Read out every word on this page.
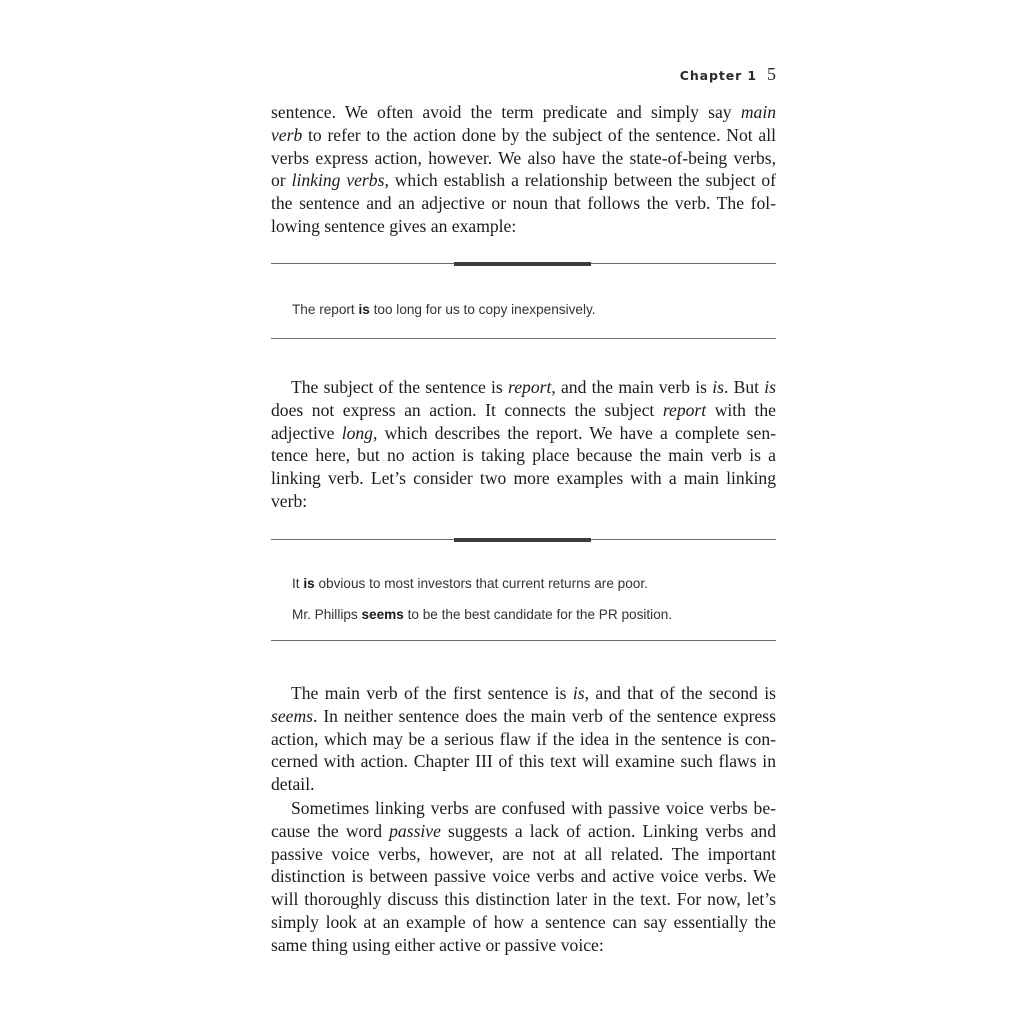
Chapter 1 5

sentence. We often avoid the term predicate and simply say main
verb to refer to the action done by the subject of the sentence. Not all
verbs express action, however. We also have the state-of-being verbs,
or linking verbs, which establish a relationship between the subject of
the sentence and an adjective or noun that follows the verb. The fol-
lowing sentence gives an example:

The report is too long for us to copy inexpensively.

The subject of the sentence is report, and the main verb is is. But is
does not express an action. It connects the subject report with the
adjective long, which describes the report. We have a complete sen-
tence here, but no action is taking place because the main verb is a
linking verb. Let’s consider two more examples with a main linking
verb:

It is obvious to most investors that current returns are poor.
Mr. Phillips seems to be the best candidate for the PR position.

The main verb of the first sentence is is, and that of the second is
seems. In neither sentence does the main verb of the sentence express
action, which may be a serious flaw if the idea in the sentence is con-
cerned with action. Chapter III of this text will examine such flaws in
detail.

Sometimes linking verbs are confused with passive voice verbs be-
cause the word passive suggests a lack of action. Linking verbs and
passive voice verbs, however, are not at all related. The important
distinction is between passive voice verbs and active voice verbs. We
will thoroughly discuss this distinction later in the text. For now, let’s
simply look at an example of how a sentence can say essentially the
same thing using either active or passive voice:
